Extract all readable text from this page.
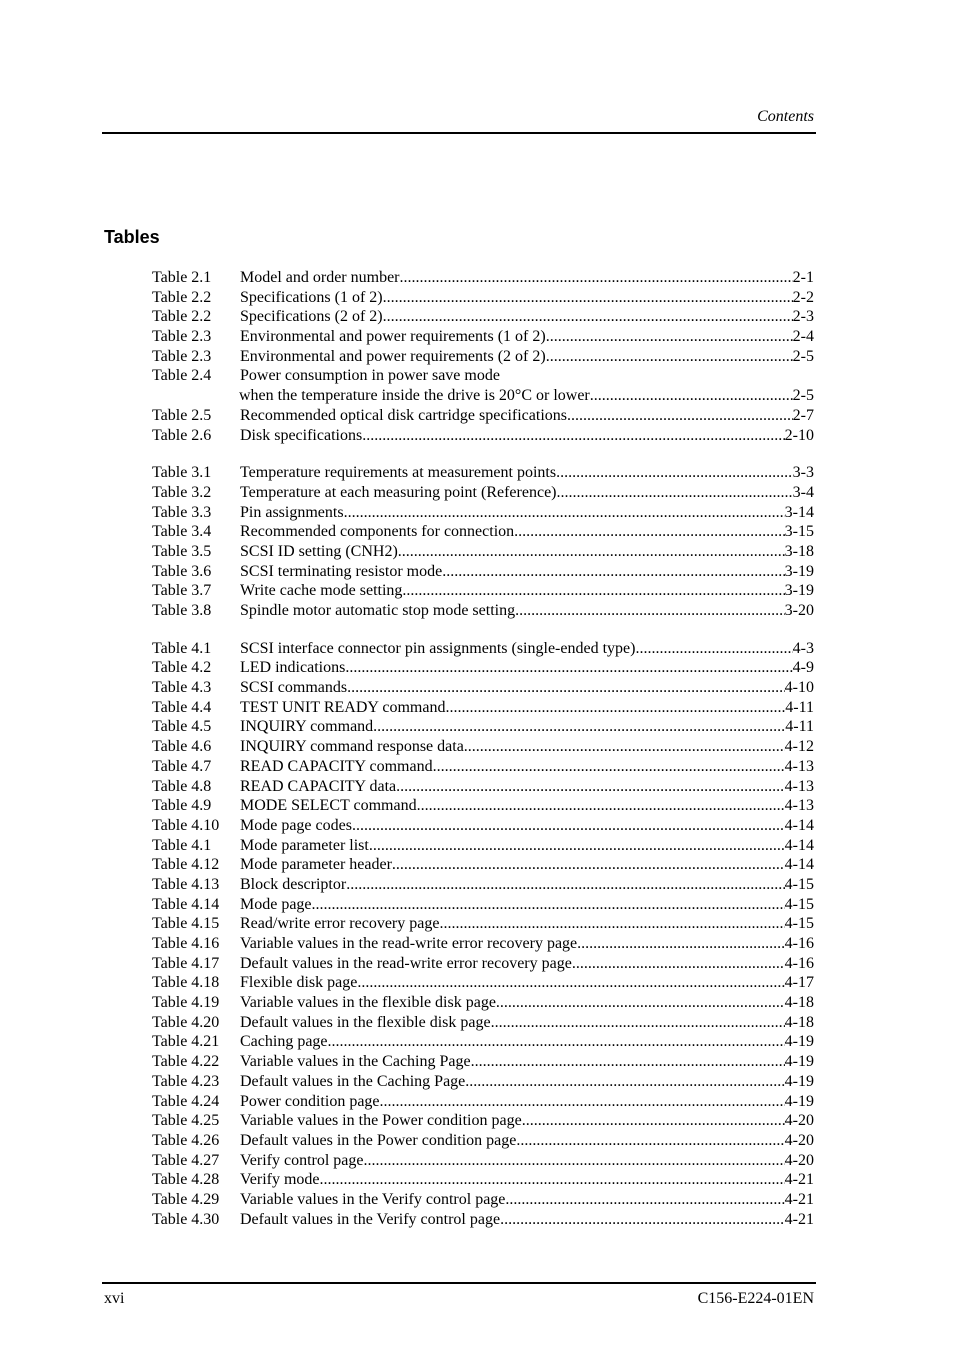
Contents
Tables
Table 2.1	Model and order number .....	2-1
Table 2.2	Specifications (1 of 2) .....	2-2
Table 2.2	Specifications (2 of 2) .....	2-3
Table 2.3	Environmental and power requirements (1 of 2) .....	2-4
Table 2.3	Environmental and power requirements (2 of 2) .....	2-5
Table 2.4	Power consumption in power save mode
when the temperature inside the drive is 20°C or lower .....	2-5
Table 2.5	Recommended optical disk cartridge specifications .....	2-7
Table 2.6	Disk specifications .....	2-10
Table 3.1	Temperature requirements at measurement points .....	3-3
Table 3.2	Temperature at each measuring point (Reference) .....	3-4
Table 3.3	Pin assignments .....	3-14
Table 3.4	Recommended components for connection .....	3-15
Table 3.5	SCSI ID setting (CNH2) .....	3-18
Table 3.6	SCSI terminating resistor mode .....	3-19
Table 3.7	Write cache mode setting .....	3-19
Table 3.8	Spindle motor automatic stop mode setting .....	3-20
Table 4.1	SCSI interface connector pin assignments (single-ended type) .....	4-3
Table 4.2	LED indications .....	4-9
Table 4.3	SCSI commands .....	4-10
Table 4.4	TEST UNIT READY command .....	4-11
Table 4.5	INQUIRY command .....	4-11
Table 4.6	INQUIRY command response data .....	4-12
Table 4.7	READ CAPACITY command .....	4-13
Table 4.8	READ CAPACITY data .....	4-13
Table 4.9	MODE SELECT command .....	4-13
Table 4.10	Mode page codes .....	4-14
Table 4.1	Mode parameter list .....	4-14
Table 4.12	Mode parameter header .....	4-14
Table 4.13	Block descriptor .....	4-15
Table 4.14	Mode page .....	4-15
Table 4.15	Read/write error recovery page .....	4-15
Table 4.16	Variable values in the read-write error recovery page .....	4-16
Table 4.17	Default values in the read-write error recovery page .....	4-16
Table 4.18	Flexible disk page .....	4-17
Table 4.19	Variable values in the flexible disk page .....	4-18
Table 4.20	Default values in the flexible disk page .....	4-18
Table 4.21	Caching page .....	4-19
Table 4.22	Variable values in the Caching Page .....	4-19
Table 4.23	Default values in the Caching Page .....	4-19
Table 4.24	Power condition page .....	4-19
Table 4.25	Variable values in the Power condition page .....	4-20
Table 4.26	Default values in the Power condition page .....	4-20
Table 4.27	Verify control page .....	4-20
Table 4.28	Verify mode .....	4-21
Table 4.29	Variable values in the Verify control page .....	4-21
Table 4.30	Default values in the Verify control page .....	4-21
xvi	C156-E224-01EN
